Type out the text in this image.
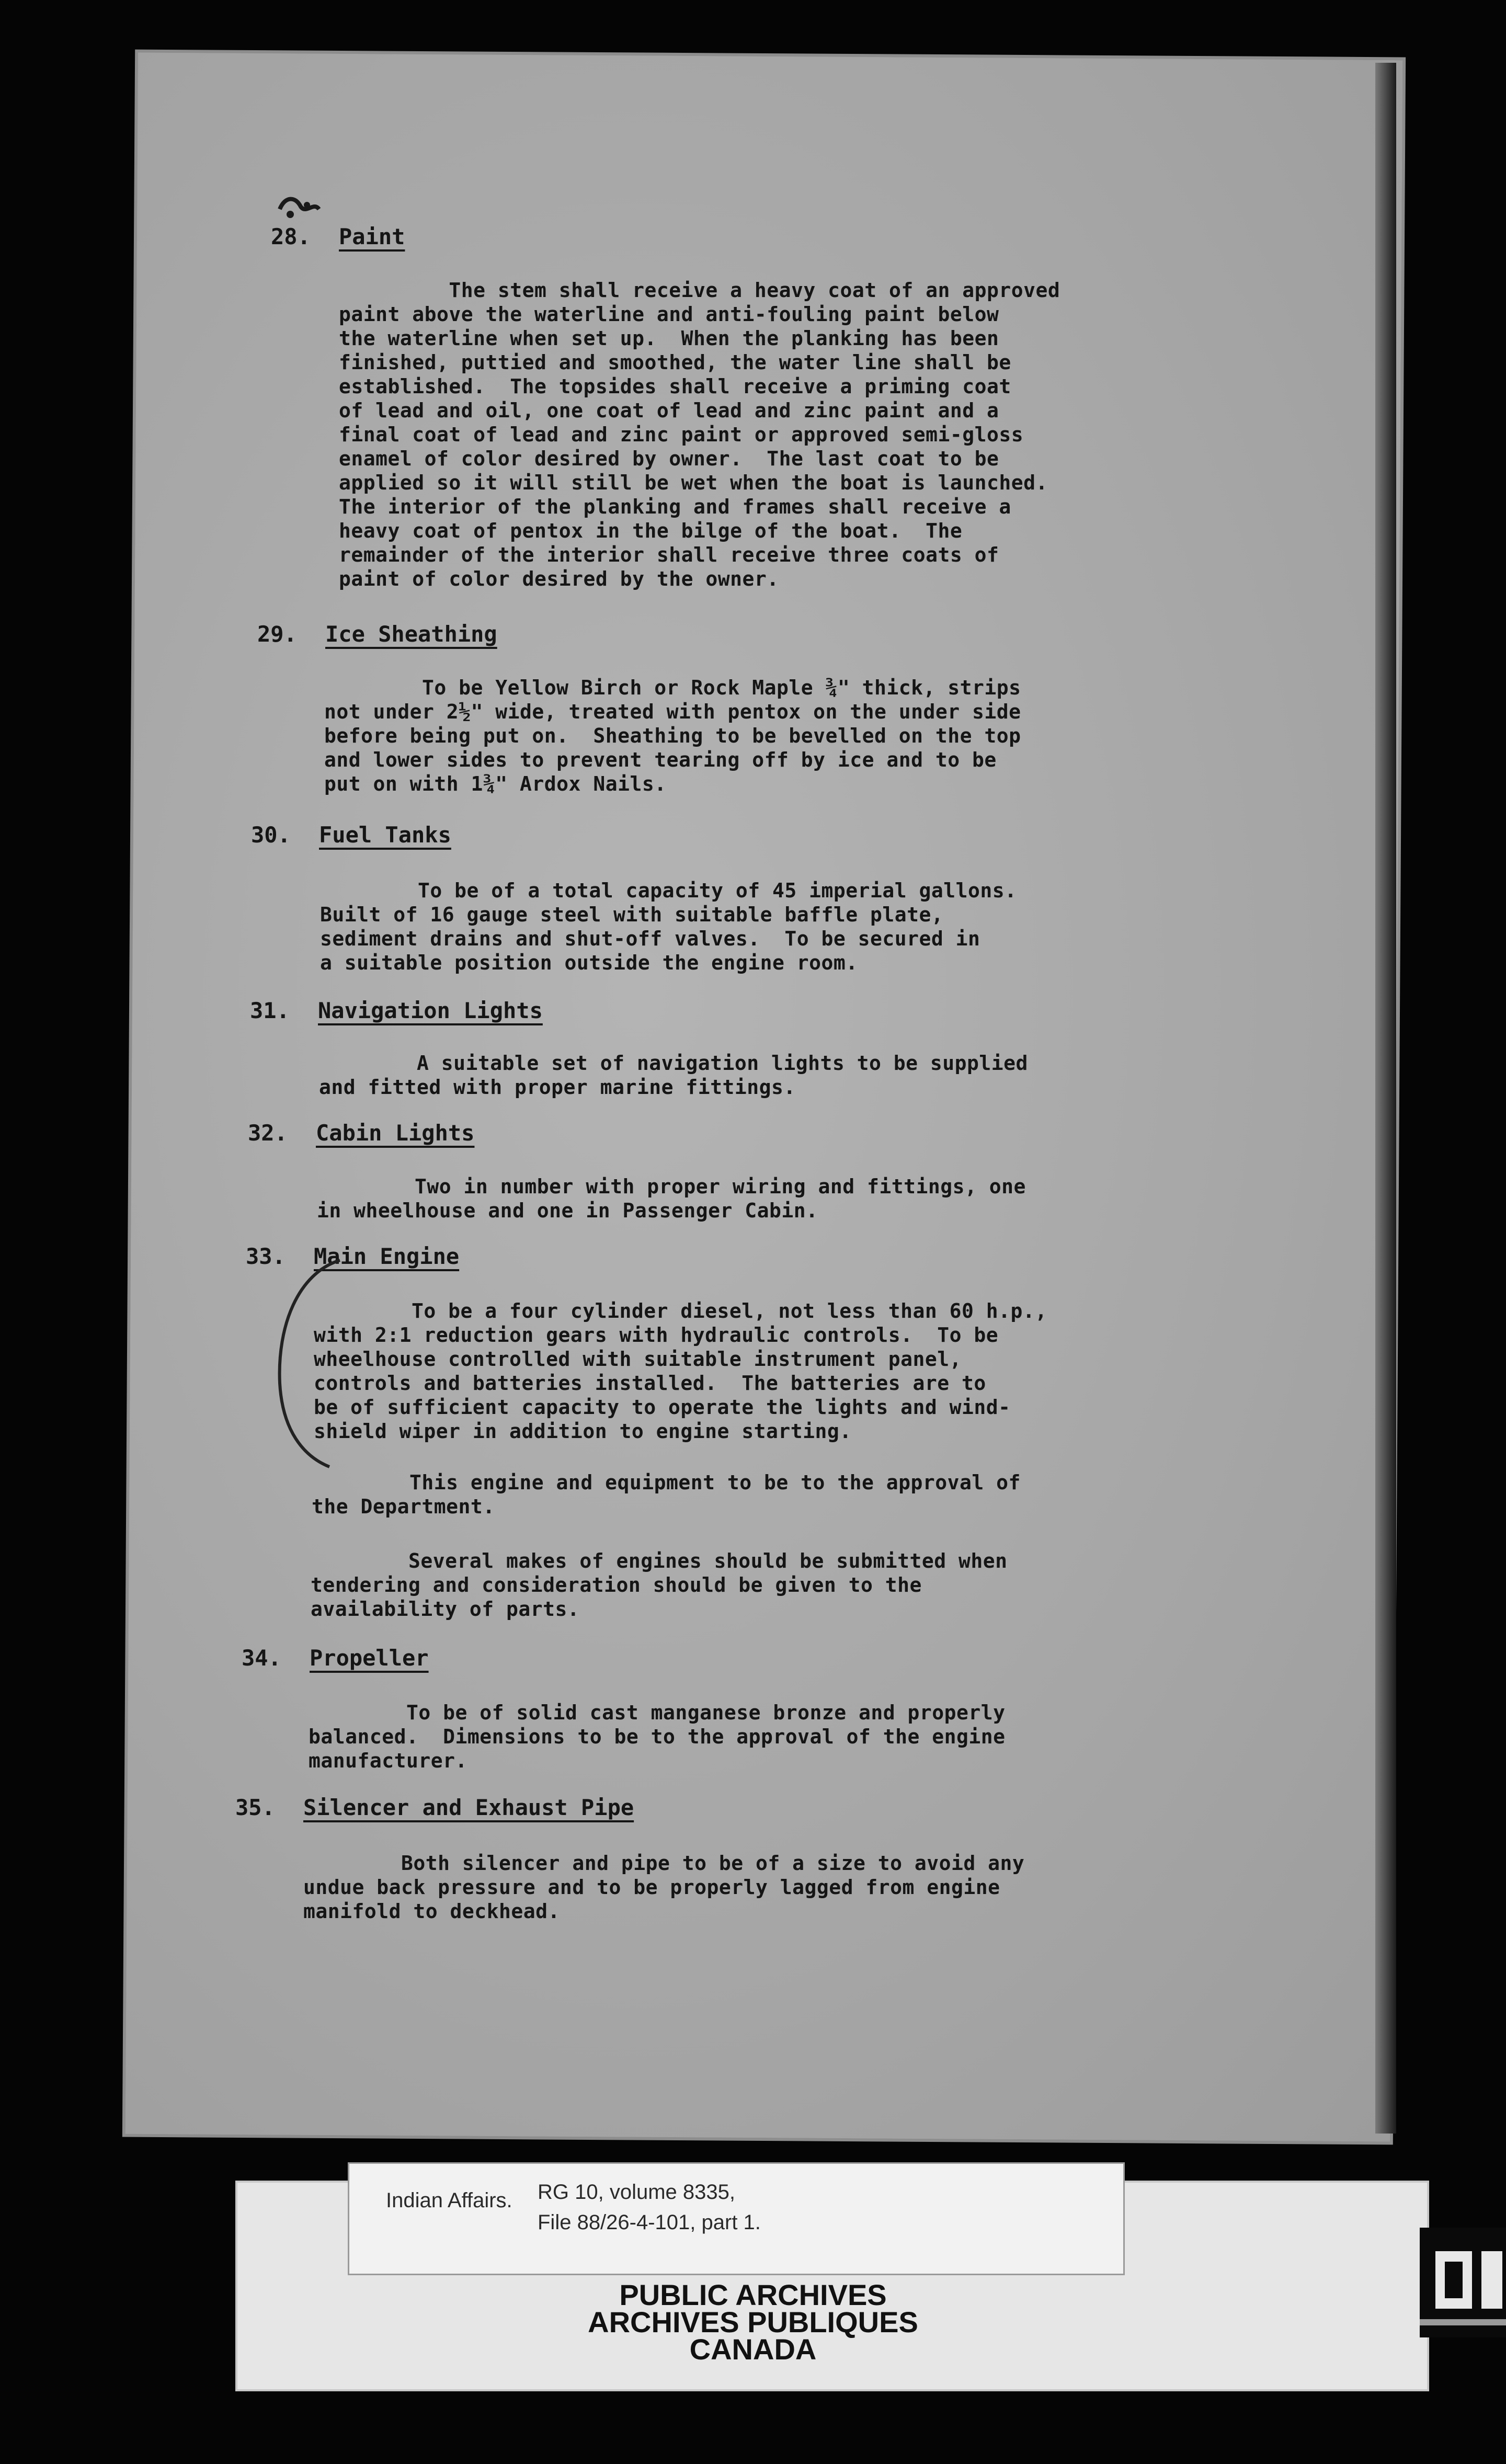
28. Paint
The stem shall receive a heavy coat of an approved
paint above the waterline and anti-fouling paint below
the waterline when set up.  When the planking has been
finished, puttied and smoothed, the water line shall be
established.  The topsides shall receive a priming coat
of lead and oil, one coat of lead and zinc paint and a
final coat of lead and zinc paint or approved semi-gloss
enamel of color desired by owner.  The last coat to be
applied so it will still be wet when the boat is launched.
The interior of the planking and frames shall receive a
heavy coat of pentox in the bilge of the boat.  The
remainder of the interior shall receive three coats of
paint of color desired by the owner.
29. Ice Sheathing
To be Yellow Birch or Rock Maple ¾" thick, strips
not under 2½" wide, treated with pentox on the under side
before being put on.  Sheathing to be bevelled on the top
and lower sides to prevent tearing off by ice and to be
put on with 1¾" Ardox Nails.
30. Fuel Tanks
To be of a total capacity of 45 imperial gallons.
Built of 16 gauge steel with suitable baffle plate,
sediment drains and shut-off valves.  To be secured in
a suitable position outside the engine room.
31. Navigation Lights
A suitable set of navigation lights to be supplied
and fitted with proper marine fittings.
32. Cabin Lights
Two in number with proper wiring and fittings, one
in wheelhouse and one in Passenger Cabin.
33. Main Engine
To be a four cylinder diesel, not less than 60 h.p.,
with 2:1 reduction gears with hydraulic controls.  To be
wheelhouse controlled with suitable instrument panel,
controls and batteries installed.  The batteries are to
be of sufficient capacity to operate the lights and wind-
shield wiper in addition to engine starting.
This engine and equipment to be to the approval of
the Department.
Several makes of engines should be submitted when
tendering and consideration should be given to the
availability of parts.
34. Propeller
To be of solid cast manganese bronze and properly
balanced.  Dimensions to be to the approval of the engine
manufacturer.
35. Silencer and Exhaust Pipe
Both silencer and pipe to be of a size to avoid any
undue back pressure and to be properly lagged from engine
manifold to deckhead.
Indian Affairs. RG 10, volume 8335,
File 88/26-4-101, part 1.
PUBLIC ARCHIVES
ARCHIVES PUBLIQUES
CANADA
